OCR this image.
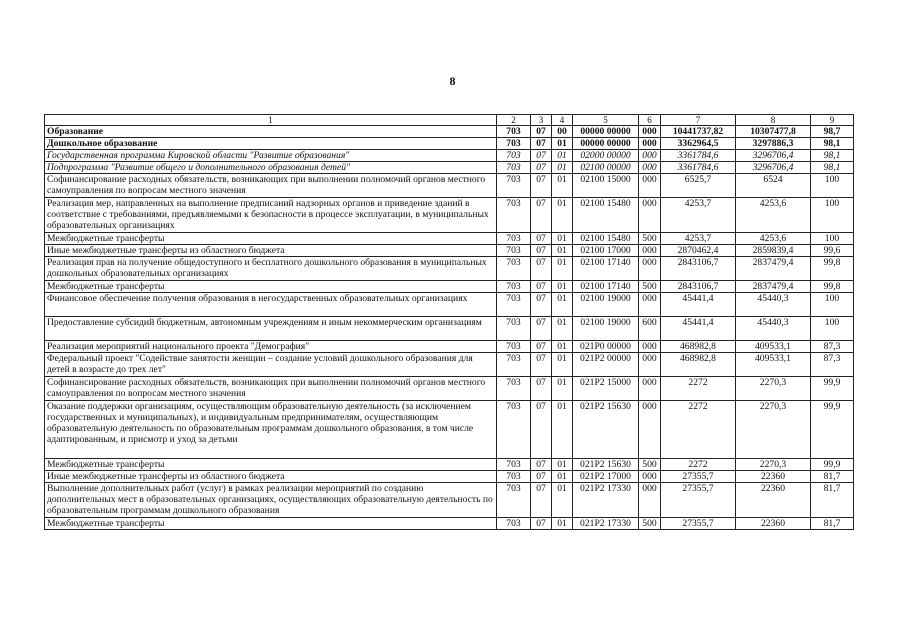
8
1	2	3	4	5	6	7	8	9
Образование	703	07	00	00000 00000	000	10441737,82	10307477,8	98,7
Дошкольное образование	703	07	01	00000 00000	000	3362964,5	3297886,3	98,1
Государственная программа Кировской области "Развитие образования"	703	07	01	02000 00000	000	3361784,6	3296706,4	98,1
Подпрограмма "Развитие общего и дополнительного образования детей"	703	07	01	02100 00000	000	3361784,6	3296706,4	98,1
Софинансирование расходных обязательств, возникающих при выполнении полномочий органов местного самоуправления по вопросам местного значения	703	07	01	02100 15000	000	6525,7	6524	100
Реализация мер, направленных на выполнение предписаний надзорных органов и приведение зданий в соответствие с требованиями, предъявляемыми к безопасности в процессе эксплуатации, в муниципальных образовательных организациях	703	07	01	02100 15480	000	4253,7	4253,6	100
Межбюджетные трансферты	703	07	01	02100 15480	500	4253,7	4253,6	100
Иные межбюджетные трансферты из областного бюджета	703	07	01	02100 17000	000	2870462,4	2859839,4	99,6
Реализация прав на получение общедоступного и бесплатного дошкольного образования в муниципальных дошкольных образовательных организациях	703	07	01	02100 17140	000	2843106,7	2837479,4	99,8
Межбюджетные трансферты	703	07	01	02100 17140	500	2843106,7	2837479,4	99,8
Финансовое обеспечение получения образования в негосударственных образовательных организациях	703	07	01	02100 19000	000	45441,4	45440,3	100
Предоставление субсидий бюджетным, автономным учреждениям и иным некоммерческим организациям	703	07	01	02100 19000	600	45441,4	45440,3	100
Реализация мероприятий национального проекта "Демография"	703	07	01	021P0 00000	000	468982,8	409533,1	87,3
Федеральный проект "Содействие занятости женщин – создание условий дошкольного образования для детей в возрасте до трех лет"	703	07	01	021P2 00000	000	468982,8	409533,1	87,3
Софинансирование расходных обязательств, возникающих при выполнении полномочий органов местного самоуправления по вопросам местного значения	703	07	01	021P2 15000	000	2272	2270,3	99,9
Оказание поддержки организациям, осуществляющим образовательную деятельность (за исключением государственных и муниципальных), и индивидуальным предпринимателям, осуществляющим образовательную деятельность по образовательным программам дошкольного образования, в том числе адаптированным, и присмотр и уход за детьми	703	07	01	021P2 15630	000	2272	2270,3	99,9
Межбюджетные трансферты	703	07	01	021P2 15630	500	2272	2270,3	99,9
Иные межбюджетные трансферты из областного бюджета	703	07	01	021P2 17000	000	27355,7	22360	81,7
Выполнение дополнительных работ (услуг) в рамках реализации мероприятий по созданию дополнительных мест в образовательных организациях, осуществляющих образовательную деятельность по образовательным программам дошкольного образования	703	07	01	021P2 17330	000	27355,7	22360	81,7
Межбюджетные трансферты	703	07	01	021P2 17330	500	27355,7	22360	81,7
